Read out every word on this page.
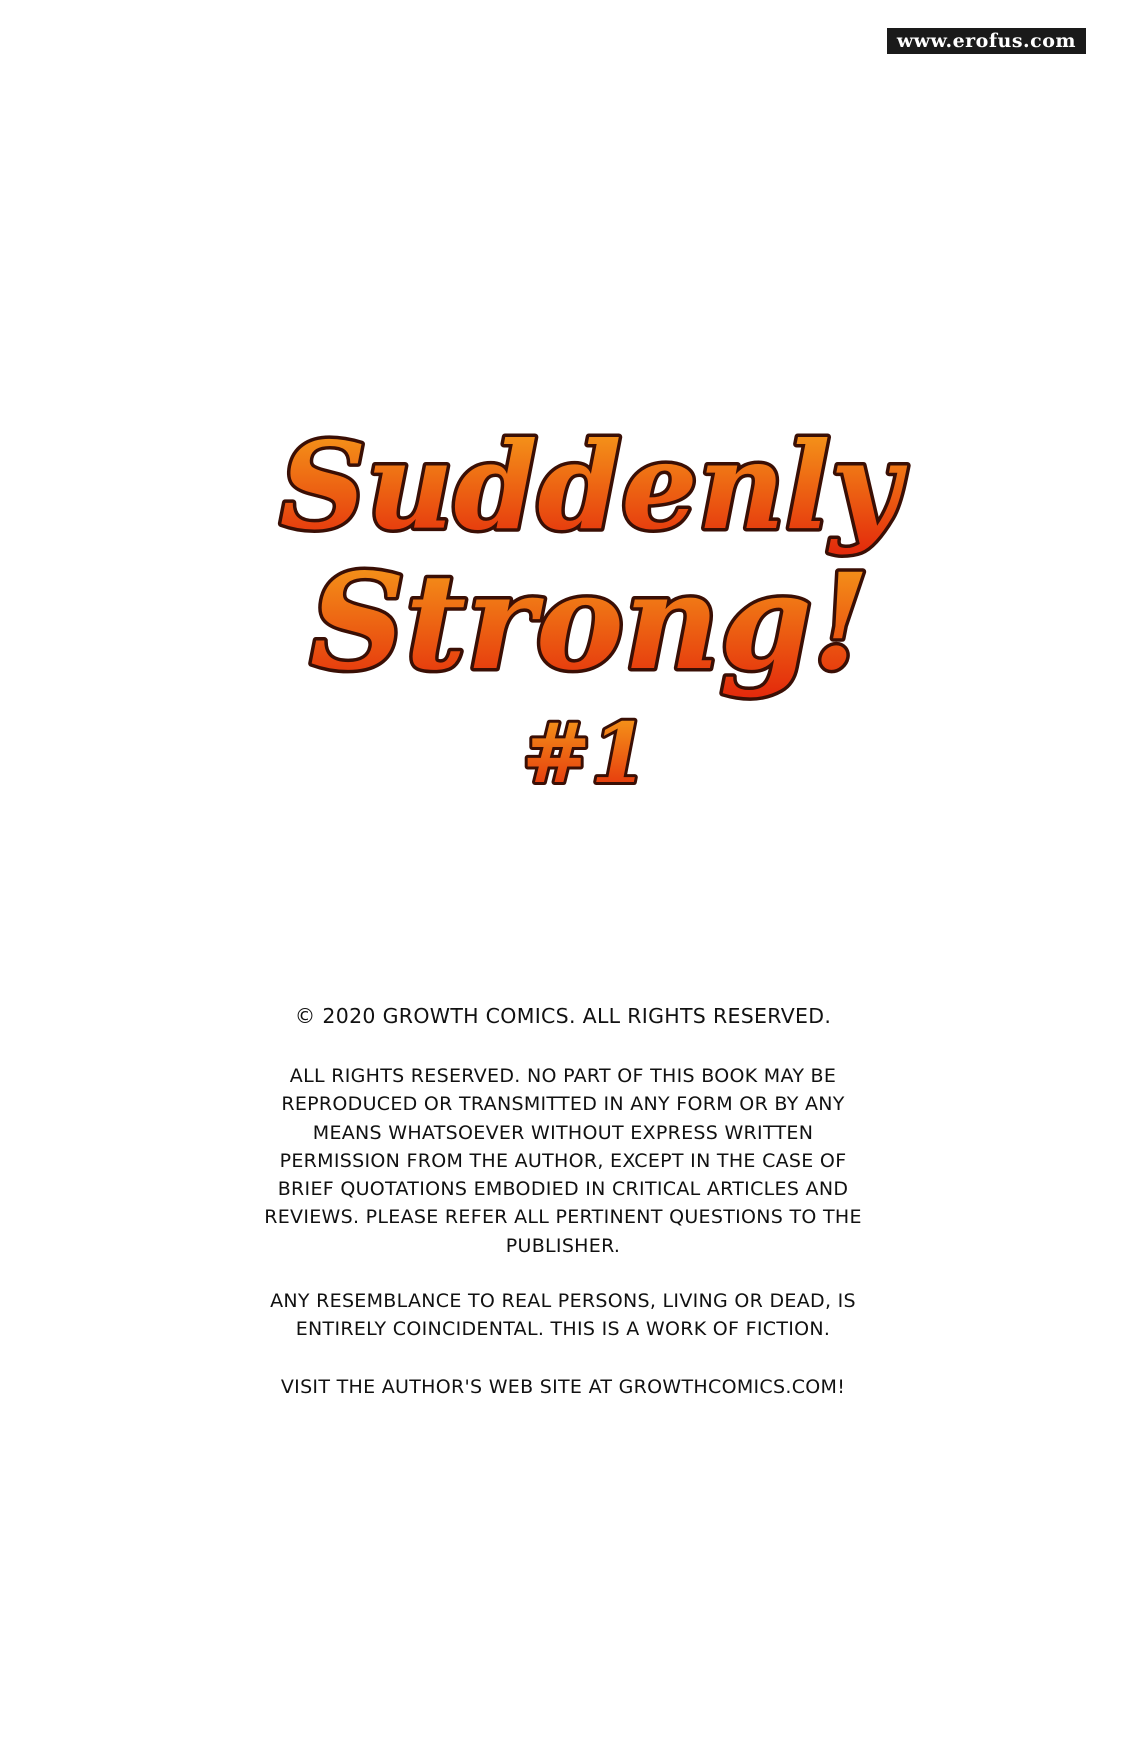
www.erofus.com
Suddenly
Strong!
#1
© 2020 GROWTH COMICS. ALL RIGHTS RESERVED.
ALL RIGHTS RESERVED. NO PART OF THIS BOOK MAY BE REPRODUCED OR TRANSMITTED IN ANY FORM OR BY ANY MEANS WHATSOEVER WITHOUT EXPRESS WRITTEN PERMISSION FROM THE AUTHOR, EXCEPT IN THE CASE OF BRIEF QUOTATIONS EMBODIED IN CRITICAL ARTICLES AND REVIEWS. PLEASE REFER ALL PERTINENT QUESTIONS TO THE PUBLISHER.
ANY RESEMBLANCE TO REAL PERSONS, LIVING OR DEAD, IS ENTIRELY COINCIDENTAL. THIS IS A WORK OF FICTION.
VISIT THE AUTHOR'S WEB SITE AT GROWTHCOMICS.COM!
